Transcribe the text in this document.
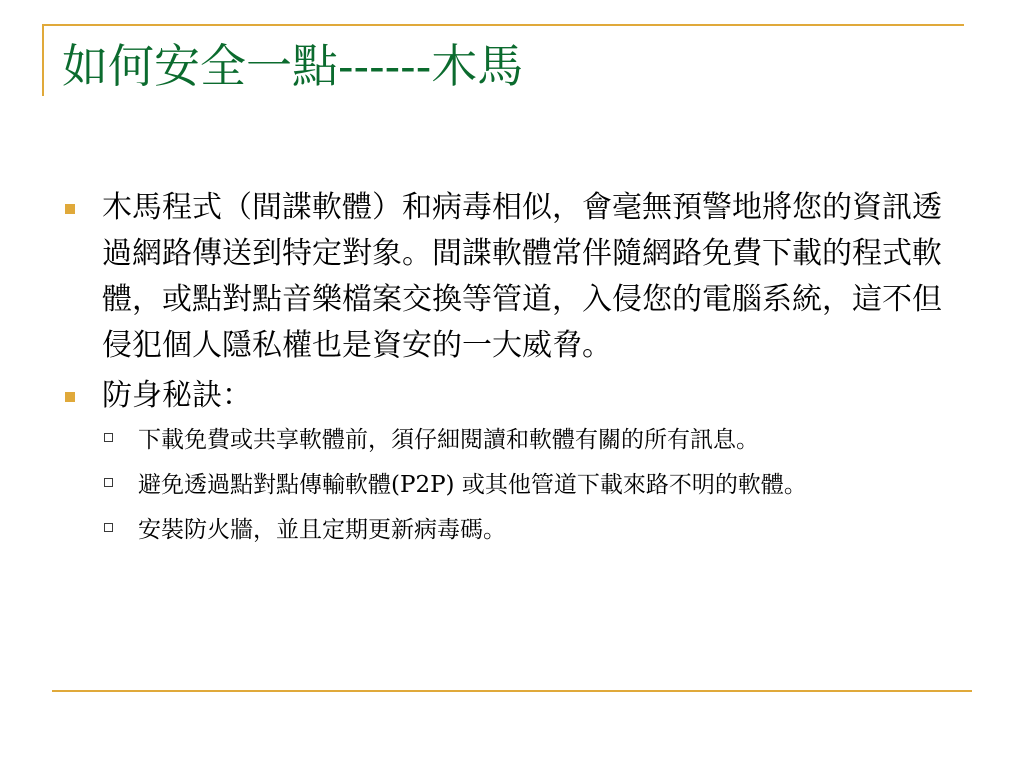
如何安全一點------木馬
木馬程式（間諜軟體）和病毒相似，會毫無預警地將您的資訊透過網路傳送到特定對象。間諜軟體常伴隨網路免費下載的程式軟體，或點對點音樂檔案交換等管道，入侵您的電腦系統，這不但侵犯個人隱私權也是資安的一大威脅。
防身秘訣：
下載免費或共享軟體前，須仔細閱讀和軟體有關的所有訊息。
避免透過點對點傳輸軟體(P2P) 或其他管道下載來路不明的軟體。
安裝防火牆，並且定期更新病毒碼。
